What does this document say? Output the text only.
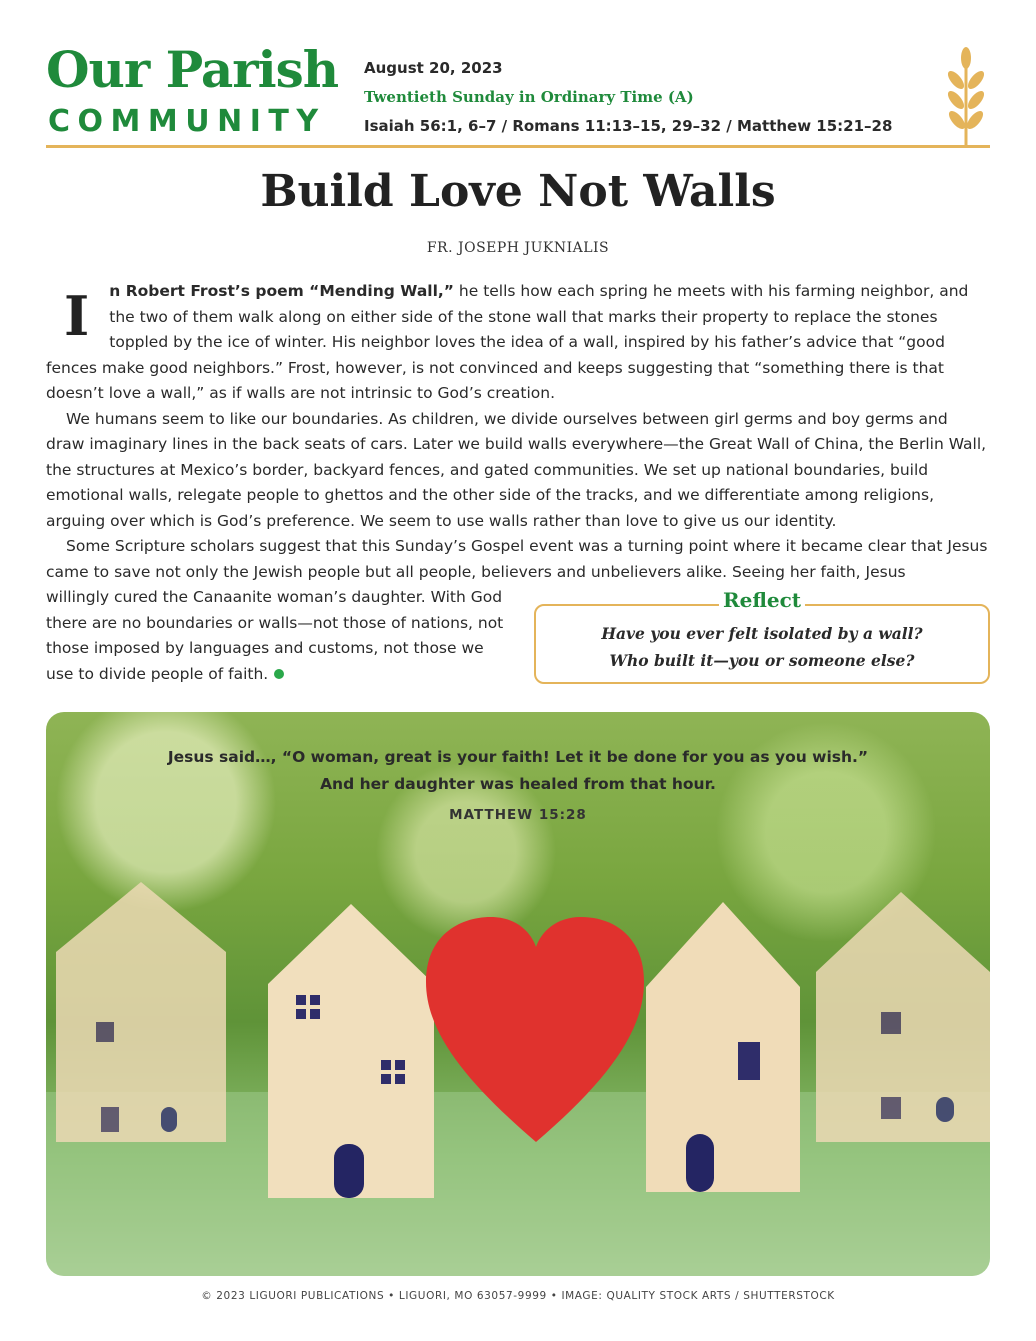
Our Parish
COMMUNITY
August 20, 2023
Twentieth Sunday in Ordinary Time (A)
Isaiah 56:1, 6–7 / Romans 11:13–15, 29–32 / Matthew 15:21–28
Build Love Not Walls
FR. JOSEPH JUKNIALIS
I	n Robert Frost’s poem “Mending Wall,” he tells how each spring he meets with his farming neighbor, and the two of them walk along on either side of the stone wall that marks their property to replace the stones toppled by the ice of winter. His neighbor loves the idea of a wall, inspired by his father’s advice that “good fences make good neighbors.” Frost, however, is not convinced and keeps suggesting that “something there is that doesn’t love a wall,” as if walls are not intrinsic to God’s creation.

We humans seem to like our boundaries. As children, we divide ourselves between girl germs and boy germs and draw imaginary lines in the back seats of cars. Later we build walls everywhere—the Great Wall of China, the Berlin Wall, the structures at Mexico’s border, backyard fences, and gated communities. We set up national boundaries, build emotional walls, relegate people to ghettos and the other side of the tracks, and we differentiate among religions, arguing over which is God’s preference. We seem to use walls rather than love to give us our identity.

Some Scripture scholars suggest that this Sunday’s Gospel event was a turning point where it became clear that Jesus came to save not only the Jewish people but all people, believers and unbelievers alike. Seeing her faith, Jesus

willingly cured the Canaanite woman’s daughter. With God there are no boundaries or walls—not those of nations, not those imposed by languages and customs, not those we use to divide people of faith.

Reflect
Have you ever felt isolated by a wall?
Who built it—you or someone else?
Jesus said…, “O woman, great is your faith! Let it be done for you as you wish.”
And her daughter was healed from that hour.
MATTHEW 15:28
© 2023 LIGUORI PUBLICATIONS • LIGUORI, MO 63057-9999 • IMAGE: QUALITY STOCK ARTS / SHUTTERSTOCK
